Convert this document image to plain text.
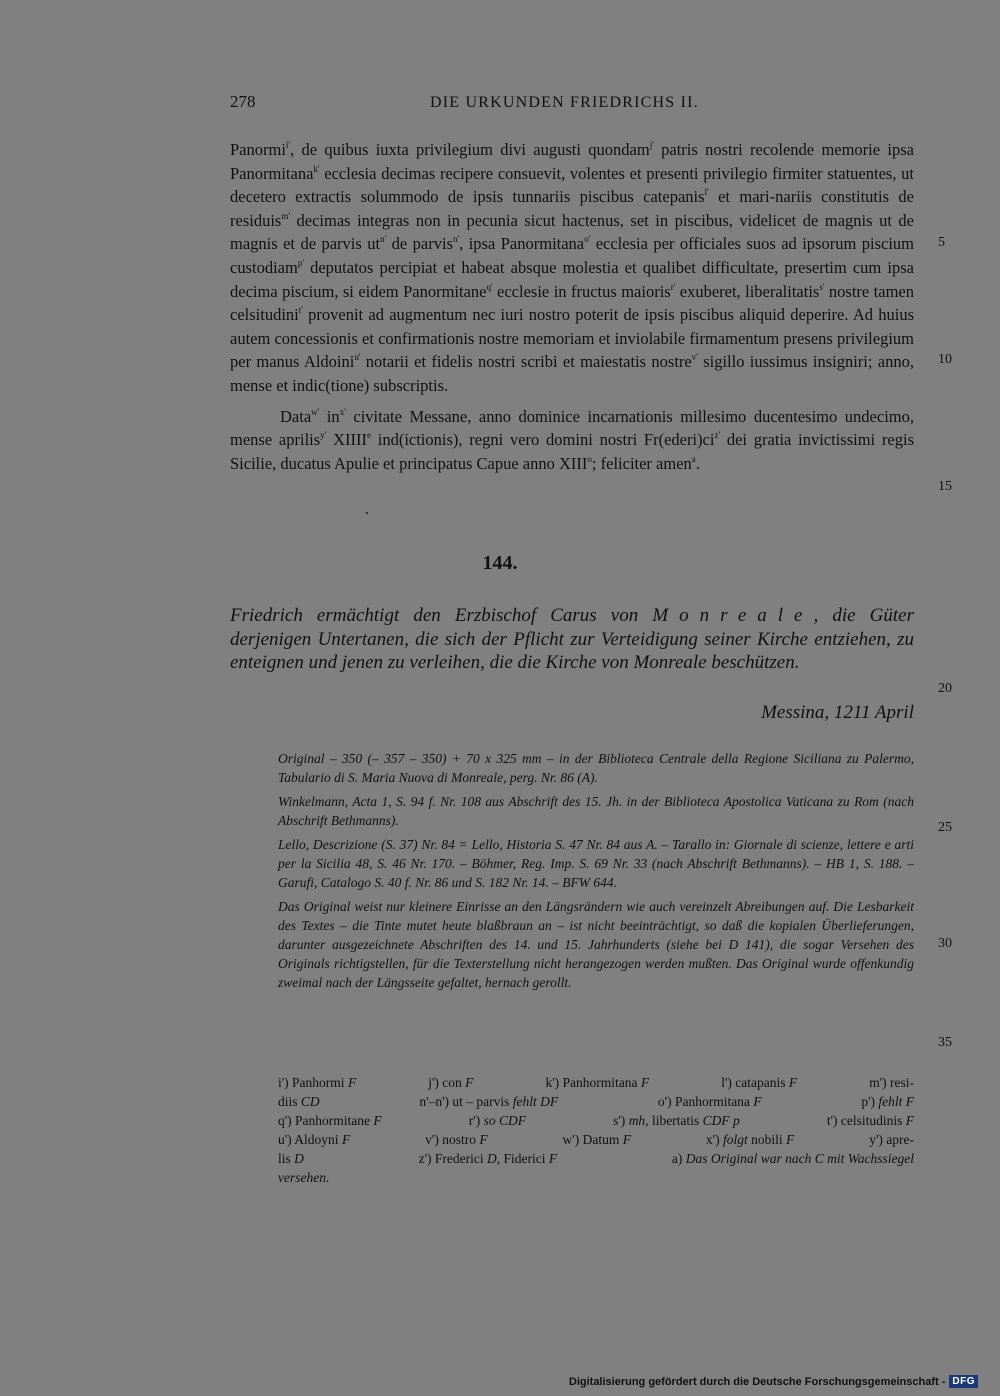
278	DIE URKUNDEN FRIEDRICHS II.

Panormi$^{i'}$, de quibus iuxta privilegium divi augusti quondam$^{j'}$ patris nostri recolende memorie ipsa Panormitana$^{k'}$ ecclesia decimas recipere consuevit, volentes et presenti privilegio firmiter statuentes, ut decetero extractis solummodo de ipsis tunnariis piscibus catepanis$^{l'}$ et mari-nariis constitutis de residuis$^{m'}$ decimas integras non in pecunia sicut hactenus, set in piscibus, videlicet de magnis ut de magnis et de parvis $ut^{n'}$ de parvis$^{n'}$, ipsa Panormitana$^{o'}$ ecclesia per officiales suos ad ipsorum piscium custodiam$^{p'}$ deputatos percipiat et habeat absque molestia et qualibet difficultate, presertim cum ipsa decima piscium, si eidem Panormitane$^{q'}$ ecclesie in fructus maioris$^{r'}$ exuberet, liberalitatis$^{s'}$ nostre tamen celsitudini$^{t'}$ provenit ad augmentum nec iuri nostro poterit de ipsis piscibus aliquid deperire. Ad huius autem concessionis et confirmationis nostre memoriam et inviolabile firmamentum presens privilegium per manus Aldoini$^{u'}$ notarii et fidelis nostri scribi et maiestatis nostre$^{v'}$ sigillo iussimus insigniri; anno, mense et indic(tione) subscriptis.

Data$^{w'}$ $in^{x'}$ civitate Messane, anno dominice incarnationis millesimo ducentesimo undecimo, mense aprilis$^{y'}$ XIIIIe ind(ictionis), regni vero domini nostri $Fr(ederi)ci^{z'}$ dei gratia invictissimi regis Sicilie, ducatus Apulie et principatus Capue anno XIII$^o$; feliciter amen$^a$.

5
10
15
20
25
30
35
144.
Friedrich ermächtigt den Erzbischof Carus von Monreale, die Güter derjenigen Untertanen, die sich der Pflicht zur Verteidigung seiner Kirche entziehen, zu enteignen und jenen zu verleihen, die die Kirche von Monreale beschützen.
Messina, 1211 April

Original – 350 (– 357 – 350) + 70 x 325 mm – in der Biblioteca Centrale della Regione Siciliana zu Palermo, Tabulario di S. Maria Nuova di Monreale, perg. Nr. 86 (A).

Winkelmann, Acta 1, S. 94 f. Nr. 108 aus Abschrift des 15. Jh. in der Biblioteca Apostolica Vaticana zu Rom (nach Abschrift Bethmanns).

Lello, Descrizione (S. 37) Nr. 84 = Lello, Historia S. 47 Nr. 84 aus A. – Tarallo in: Giornale di scienze, lettere e arti per la Sicilia 48, S. 46 Nr. 170. – Böhmer, Reg. Imp. S. 69 Nr. 33 (nach Abschrift Bethmanns). – HB 1, S. 188. – Garufi, Catalogo S. 40 f. Nr. 86 und S. 182 Nr. 14. – BFW 644.

Das Original weist nur kleinere Einrisse an den Längsrändern wie auch vereinzelt Abreibungen auf. Die Lesbarkeit des Textes – die Tinte mutet heute blaßbraun an – ist nicht beeinträchtigt, so daß die kopialen Überlieferungen, darunter ausgezeichnete Abschriften des 14. und 15. Jahrhunderts (siehe bei D 141), die sogar Versehen des Originals richtigstellen, für die Texterstellung nicht herangezogen werden mußten. Das Original wurde offenkundig zweimal nach der Längsseite gefaltet, hernach gerollt.

i') Panhormi F	j') con F	k') Panhormitana F	l') catapanis F	m') resi-
diis CD	n'–n') ut – parvis fehlt DF	o') Panhormitana F	p') fehlt F
q') Panhormitane F	r') so CDF	s') mh, libertatis CDF p	t') celsitudinis F
u') Aldoyni F	v') nostro F	w') Datum F	x') folgt nobili F	y') apre-
lis D	z') Frederici D, Fiderici F	a) Das Original war nach C mit Wachssiegel
versehen.
Digitalisierung gefördert durch die Deutsche Forschungsgemeinschaft - DFG
